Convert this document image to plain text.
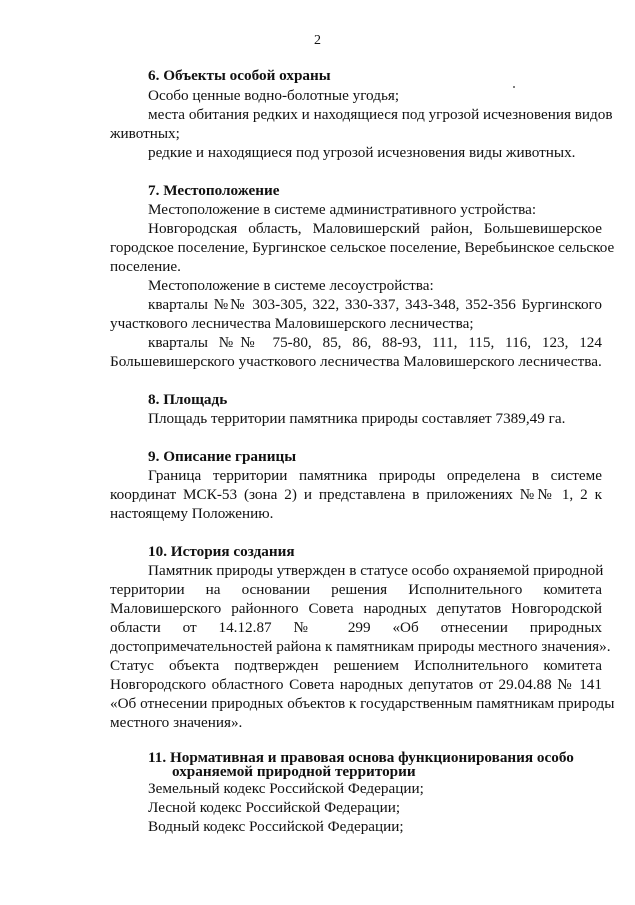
2
6. Объекты особой охраны
Особо ценные водно-болотные угодья;
места обитания редких и находящиеся под угрозой исчезновения видов
животных;
редкие и находящиеся под угрозой исчезновения виды животных.
7. Местоположение
Местоположение в системе административного устройства:
Новгородская область, Маловишерский район, Большевишерское
городское поселение, Бургинское сельское поселение, Веребьинское сельское
поселение.
Местоположение в системе лесоустройства:
кварталы №№ 303-305, 322, 330-337, 343-348, 352-356 Бургинского
участкового лесничества Маловишерского лесничества;
кварталы №№ 75-80, 85, 86, 88-93, 111, 115, 116, 123, 124
Большевишерского участкового лесничества Маловишерского лесничества.
8. Площадь
Площадь территории памятника природы составляет 7389,49 га.
9. Описание границы
Граница территории памятника природы определена в системе
координат МСК-53 (зона 2) и представлена в приложениях №№ 1, 2 к
настоящему Положению.
10. История создания
Памятник природы утвержден в статусе особо охраняемой природной
территории на основании решения Исполнительного комитета
Маловишерского районного Совета народных депутатов Новгородской
области от 14.12.87 № 299 «Об отнесении природных
достопримечательностей района к памятникам природы местного значения».
Статус объекта подтвержден решением Исполнительного комитета
Новгородского областного Совета народных депутатов от 29.04.88 № 141
«Об отнесении природных объектов к государственным памятникам природы
местного значения».
11. Нормативная и правовая основа функционирования особо
охраняемой природной территории
Земельный кодекс Российской Федерации;
Лесной кодекс Российской Федерации;
Водный кодекс Российской Федерации;
